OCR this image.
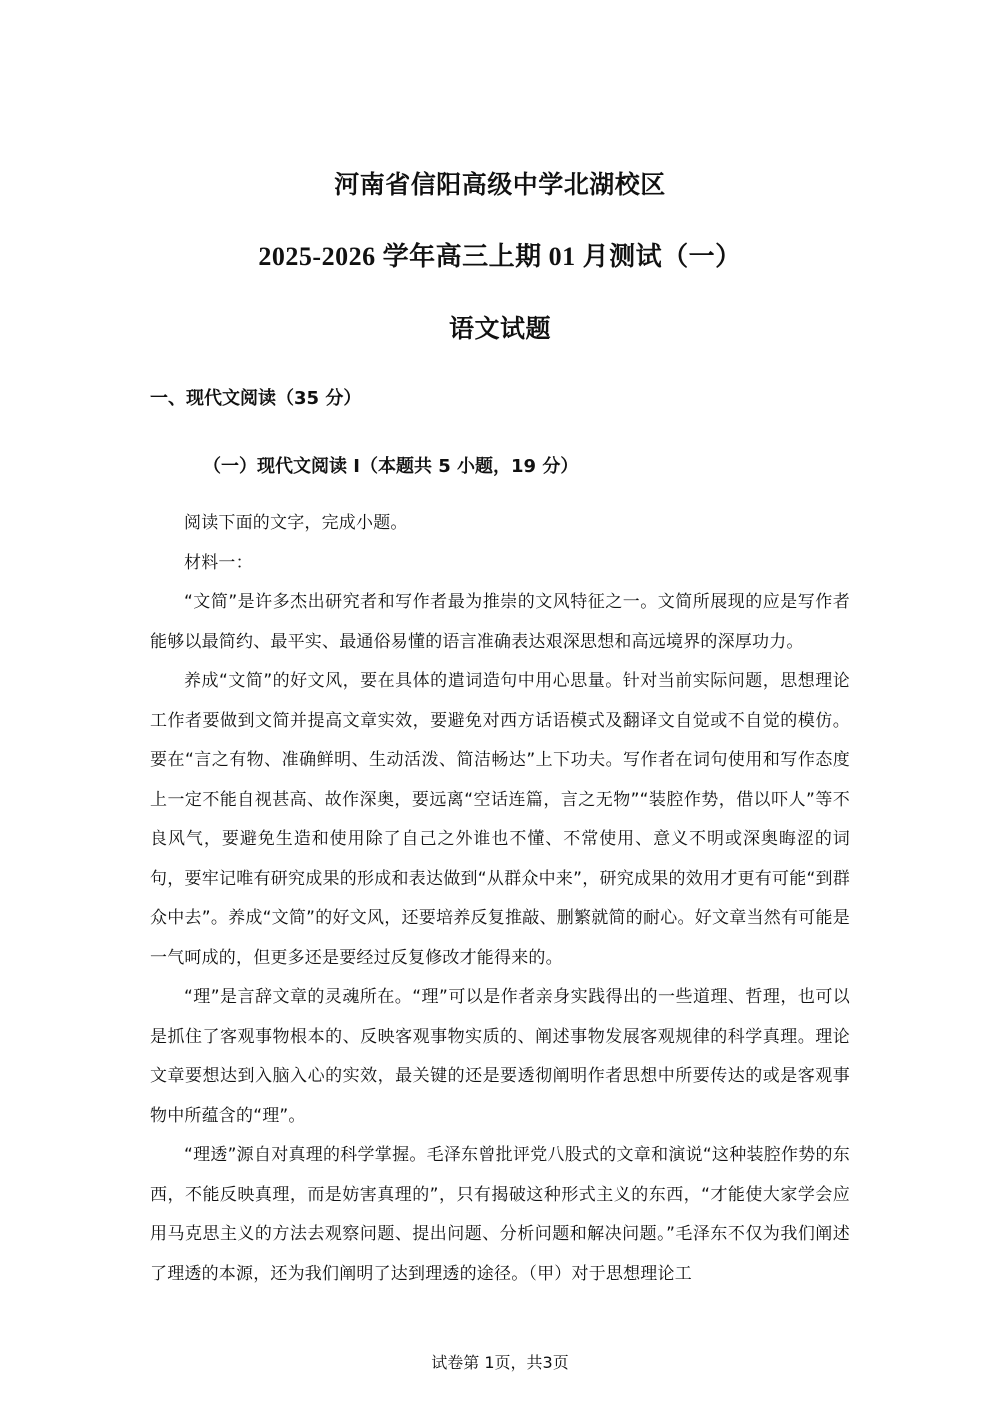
河南省信阳高级中学北湖校区
2025-2026 学年高三上期 01 月测试（一）
语文试题
一、现代文阅读（35 分）
（一）现代文阅读 I（本题共 5 小题，19 分）

阅读下面的文字，完成小题。

材料一：

“文简”是许多杰出研究者和写作者最为推崇的文风特征之一。文简所展现的应是写作者能够以最简约、最平实、最通俗易懂的语言准确表达艰深思想和高远境界的深厚功力。

养成“文简”的好文风，要在具体的遣词造句中用心思量。针对当前实际问题，思想理论工作者要做到文简并提高文章实效，要避免对西方话语模式及翻译文自觉或不自觉的模仿。要在“言之有物、准确鲜明、生动活泼、简洁畅达”上下功夫。写作者在词句使用和写作态度上一定不能自视甚高、故作深奥，要远离“空话连篇，言之无物”“装腔作势，借以吓人”等不良风气，要避免生造和使用除了自己之外谁也不懂、不常使用、意义不明或深奥晦涩的词句，要牢记唯有研究成果的形成和表达做到“从群众中来”，研究成果的效用才更有可能“到群众中去”。养成“文简”的好文风，还要培养反复推敲、删繁就简的耐心。好文章当然有可能是一气呵成的，但更多还是要经过反复修改才能得来的。

“理”是言辞文章的灵魂所在。“理”可以是作者亲身实践得出的一些道理、哲理，也可以是抓住了客观事物根本的、反映客观事物实质的、阐述事物发展客观规律的科学真理。理论文章要想达到入脑入心的实效，最关键的还是要透彻阐明作者思想中所要传达的或是客观事物中所蕴含的“理”。

“理透”源自对真理的科学掌握。毛泽东曾批评党八股式的文章和演说“这种装腔作势的东西，不能反映真理，而是妨害真理的”，只有揭破这种形式主义的东西，“才能使大家学会应用马克思主义的方法去观察问题、提出问题、分析问题和解决问题。”毛泽东不仅为我们阐述了理透的本源，还为我们阐明了达到理透的途径。（甲）对于思想理论工

试卷第 1页，共3页
